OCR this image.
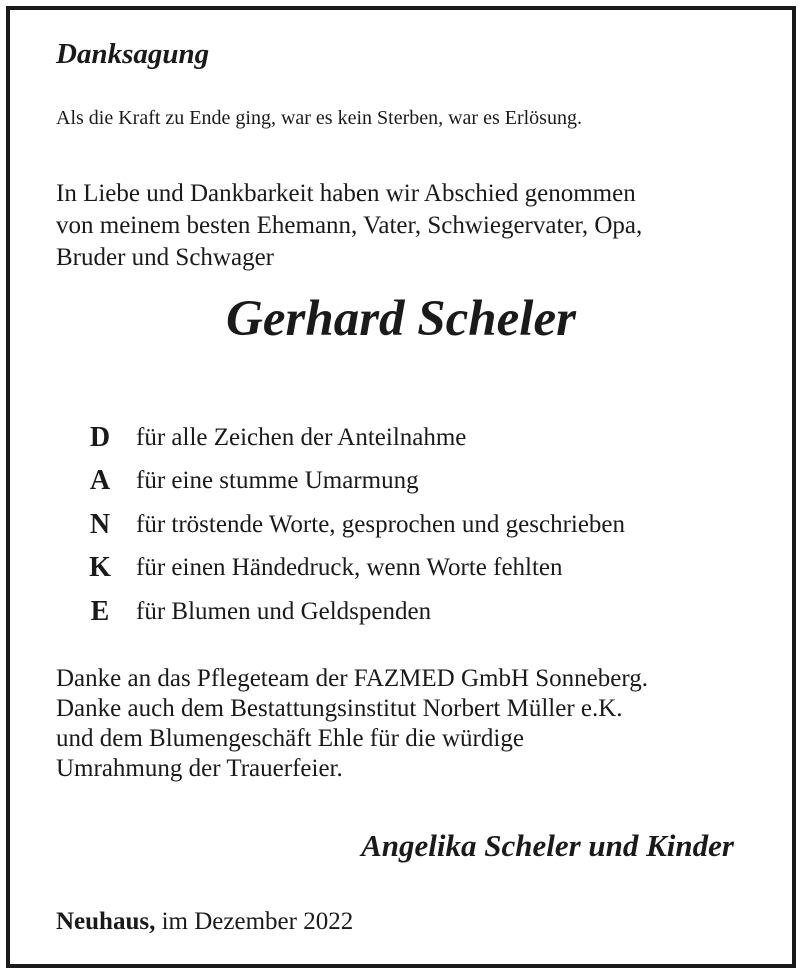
Danksagung

Als die Kraft zu Ende ging, war es kein Sterben, war es Erlösung.

In Liebe und Dankbarkeit haben wir Abschied genommen
von meinem besten Ehemann, Vater, Schwiegervater, Opa,
Bruder und Schwager

Gerhard Scheler
D	für alle Zeichen der Anteilnahme
A	für eine stumme Umarmung
N	für tröstende Worte, gesprochen und geschrieben
K	für einen Händedruck, wenn Worte fehlten
E	für Blumen und Geldspenden

Danke an das Pflegeteam der FAZMED GmbH Sonneberg.
Danke auch dem Bestattungsinstitut Norbert Müller e.K.
und dem Blumengeschäft Ehle für die würdige
Umrahmung der Trauerfeier.

Angelika Scheler und Kinder

Neuhaus, im Dezember 2022
